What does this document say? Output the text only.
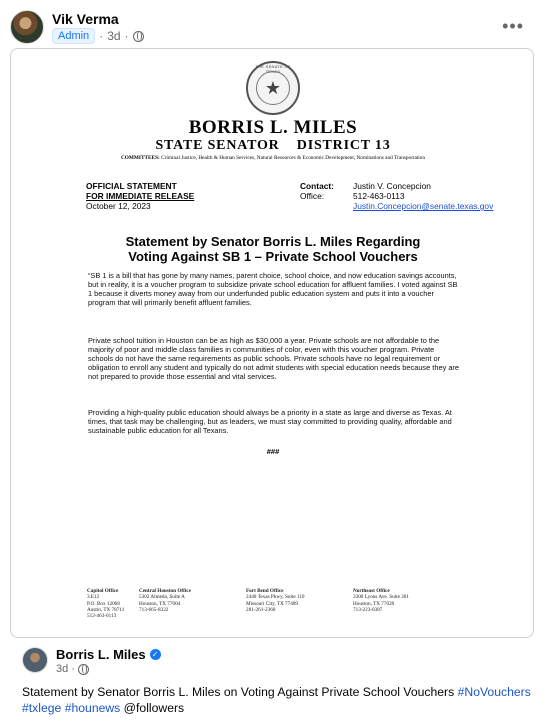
Vik Verma
Admin · 3d ·	•••
THE SENATE OF TEXAS
★
BORRIS L. MILES
STATE SENATOR    DISTRICT 13
COMMITTEES: Criminal Justice, Health & Human Services, Natural Resources & Economic Development, Nominations and Transportation
OFFICIAL STATEMENT
FOR IMMEDIATE RELEASE
October 12, 2023
Contact:	Justin V. Concepcion
Office:	512-463-0113
Justin.Concepcion@senate.texas.gov
Statement by Senator Borris L. Miles Regarding
Voting Against SB 1 – Private School Vouchers
“SB 1 is a bill that has gone by many names, parent choice, school choice, and now education savings accounts, but in reality, it is a voucher program to subsidize private school education for affluent families. I voted against SB 1 because it diverts money away from our underfunded public education system and puts it into a voucher program that will primarily benefit affluent families.
Private school tuition in Houston can be as high as $30,000 a year. Private schools are not affordable to the majority of poor and middle class families in communities of color, even with this voucher program. Private schools do not have the same requirements as public schools. Private schools have no legal requirement or obligation to enroll any student and typically do not admit students with special education needs because they are not prepared to provide those essential and vital services.
Providing a high-quality public education should always be a priority in a state as large and diverse as Texas. At times, that task may be challenging, but as leaders, we must stay committed to providing quality, affordable and sustainable public education for all Texans.
###
Capitol Office
3.E12
P.O. Box 12068
Austin, TX 78711
512-463-0113
Central Houston Office
5302 Almeda, Suite A
Houston, TX 77004
713-665-8322
Fort Bend Office
2440 Texas Pkwy, Suite 110
Missouri City, TX 77489
281-261-2360
Northeast Office
3300 Lyons Ave. Suite 301
Houston, TX 77020
713-223-0387
Borris L. Miles ✓
3d ·
Statement by Senator Borris L. Miles on Voting Against Private School Vouchers #NoVouchers
#txlege #hounews @followers
